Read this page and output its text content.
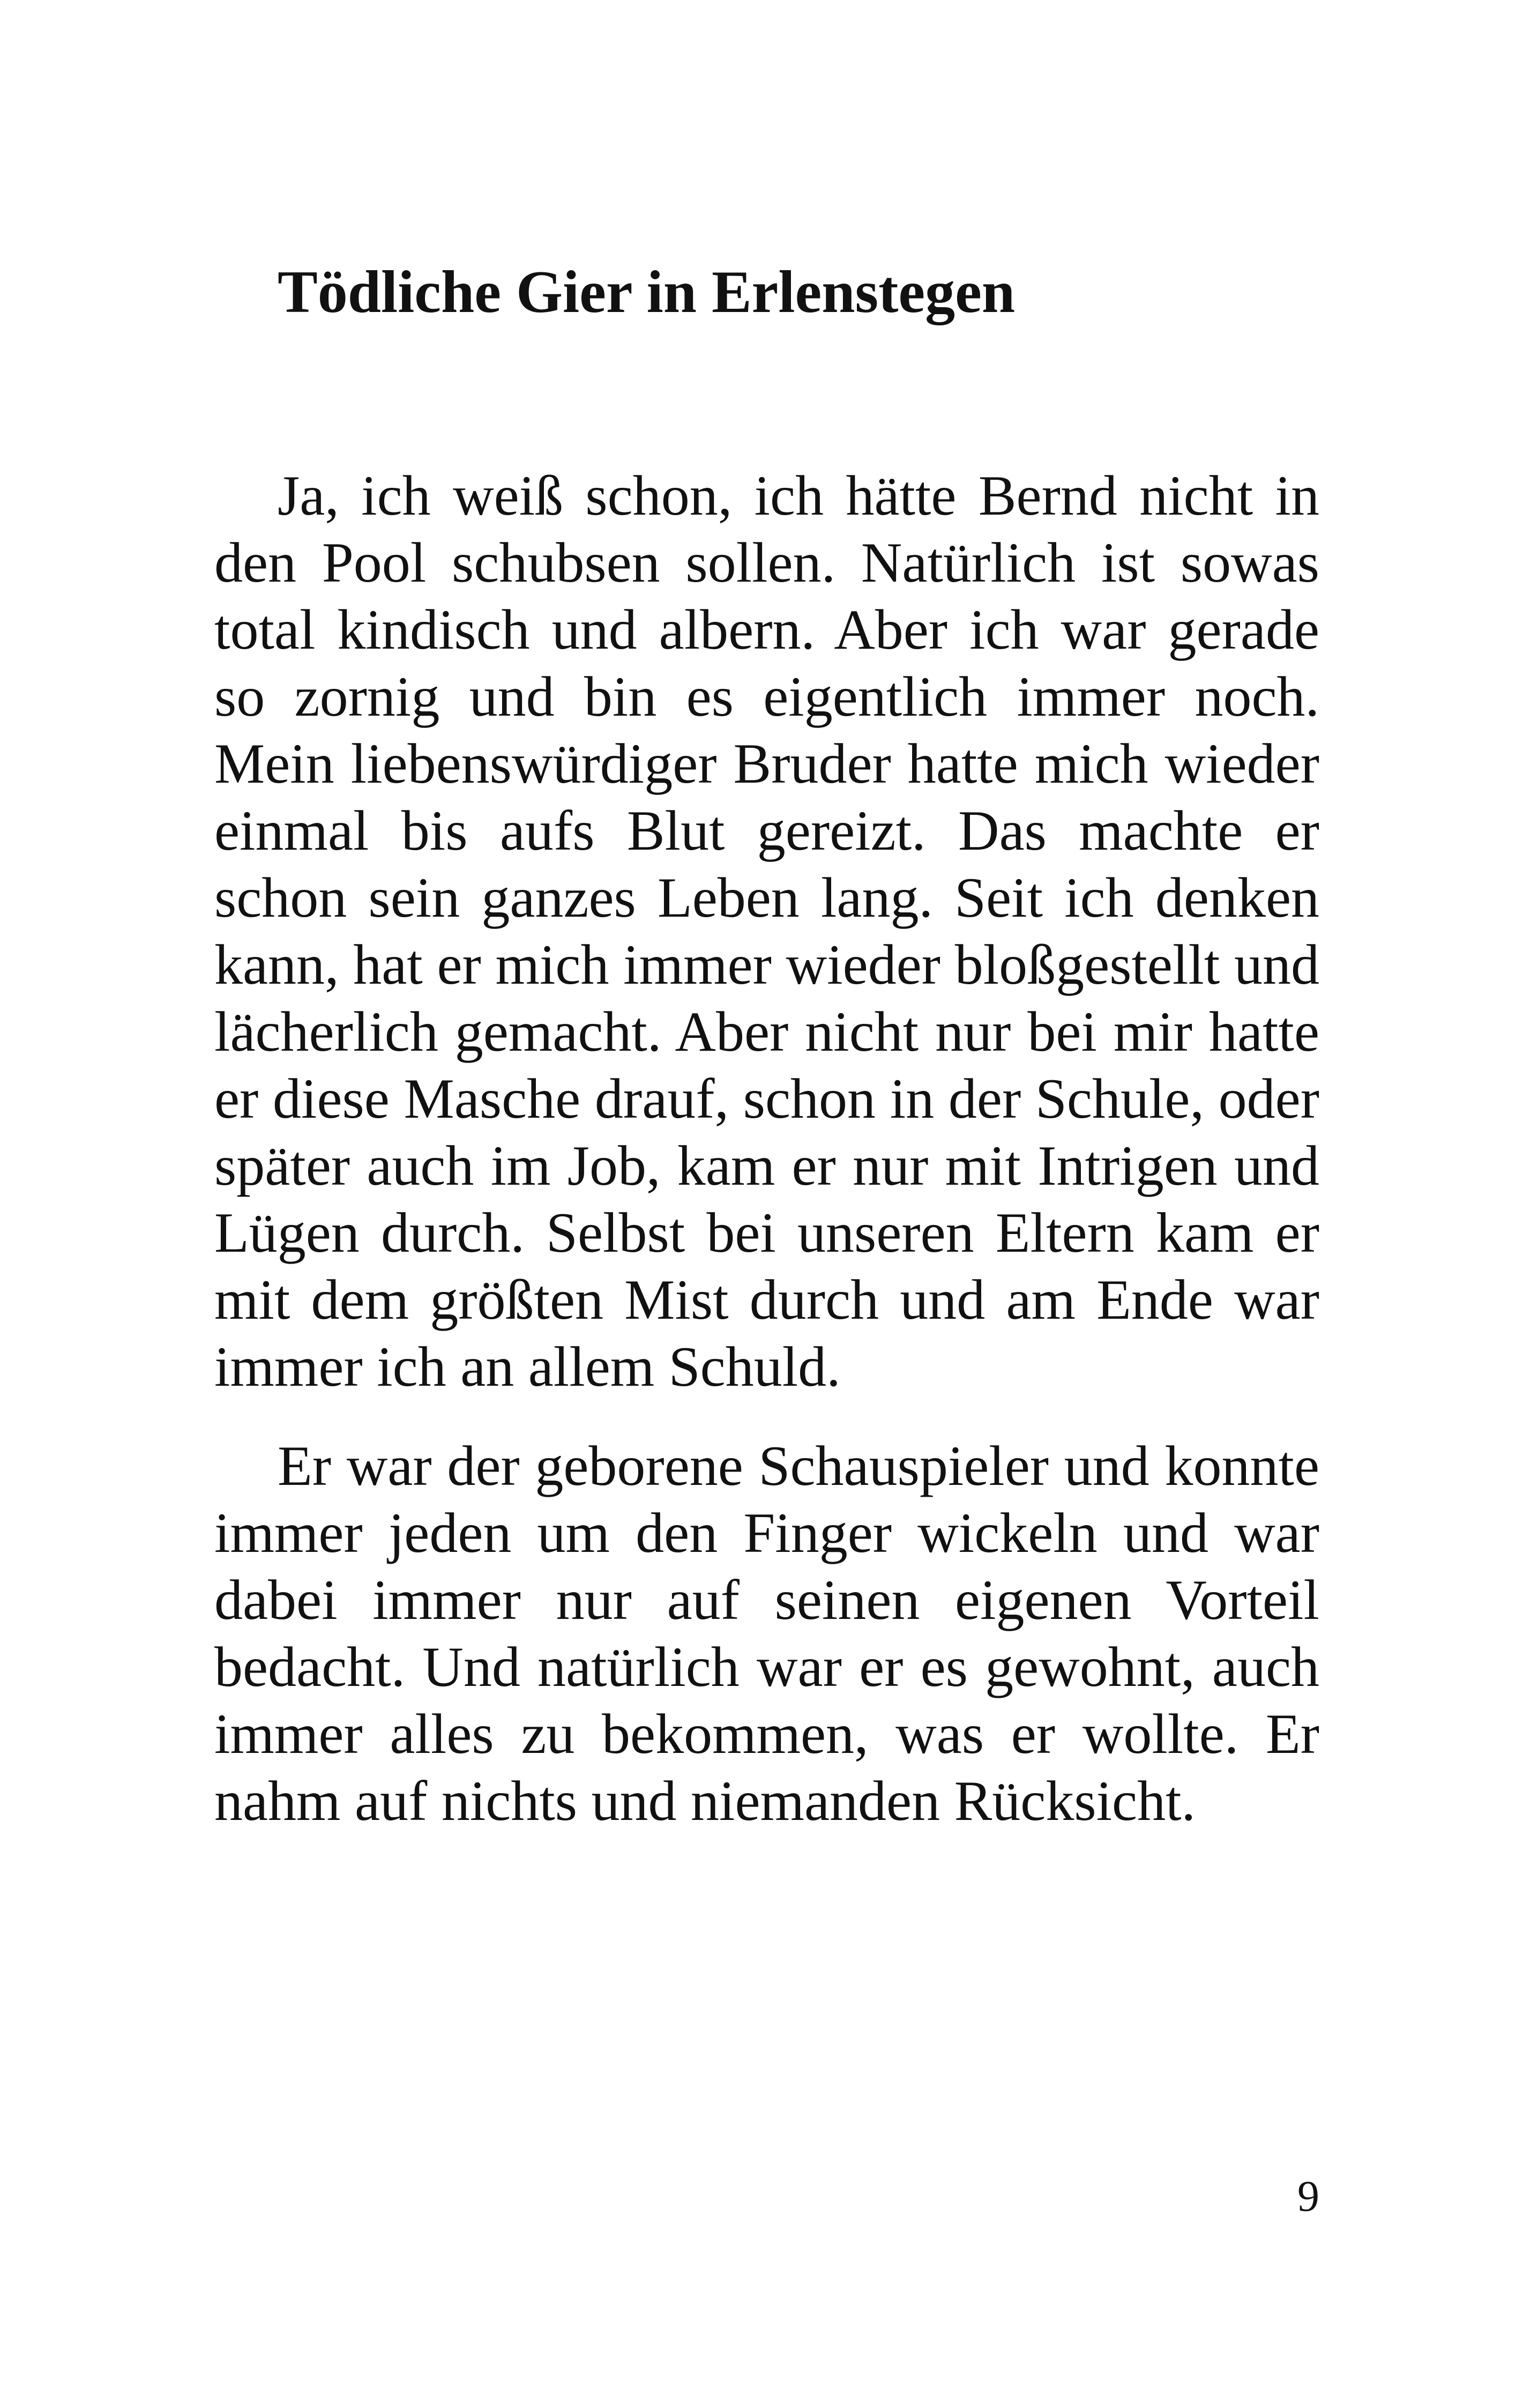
Tödliche Gier in Erlenstegen

Ja, ich weiß schon, ich hätte Bernd nicht in den Pool schubsen sollen. Natürlich ist sowas total kindisch und albern. Aber ich war gerade so zornig und bin es eigentlich immer noch. Mein liebenswürdiger Bruder hatte mich wieder einmal bis aufs Blut gereizt. Das machte er schon sein ganzes Leben lang. Seit ich denken kann, hat er mich immer wieder bloßgestellt und lächerlich gemacht. Aber nicht nur bei mir hatte er diese Masche drauf, schon in der Schule, oder später auch im Job, kam er nur mit Intrigen und Lügen durch. Selbst bei unseren Eltern kam er mit dem größten Mist durch und am Ende war immer ich an allem Schuld.

Er war der geborene Schauspieler und konnte immer jeden um den Finger wickeln und war dabei immer nur auf seinen eigenen Vorteil bedacht. Und natürlich war er es gewohnt, auch immer alles zu bekommen, was er wollte. Er nahm auf nichts und niemanden Rücksicht.

9
